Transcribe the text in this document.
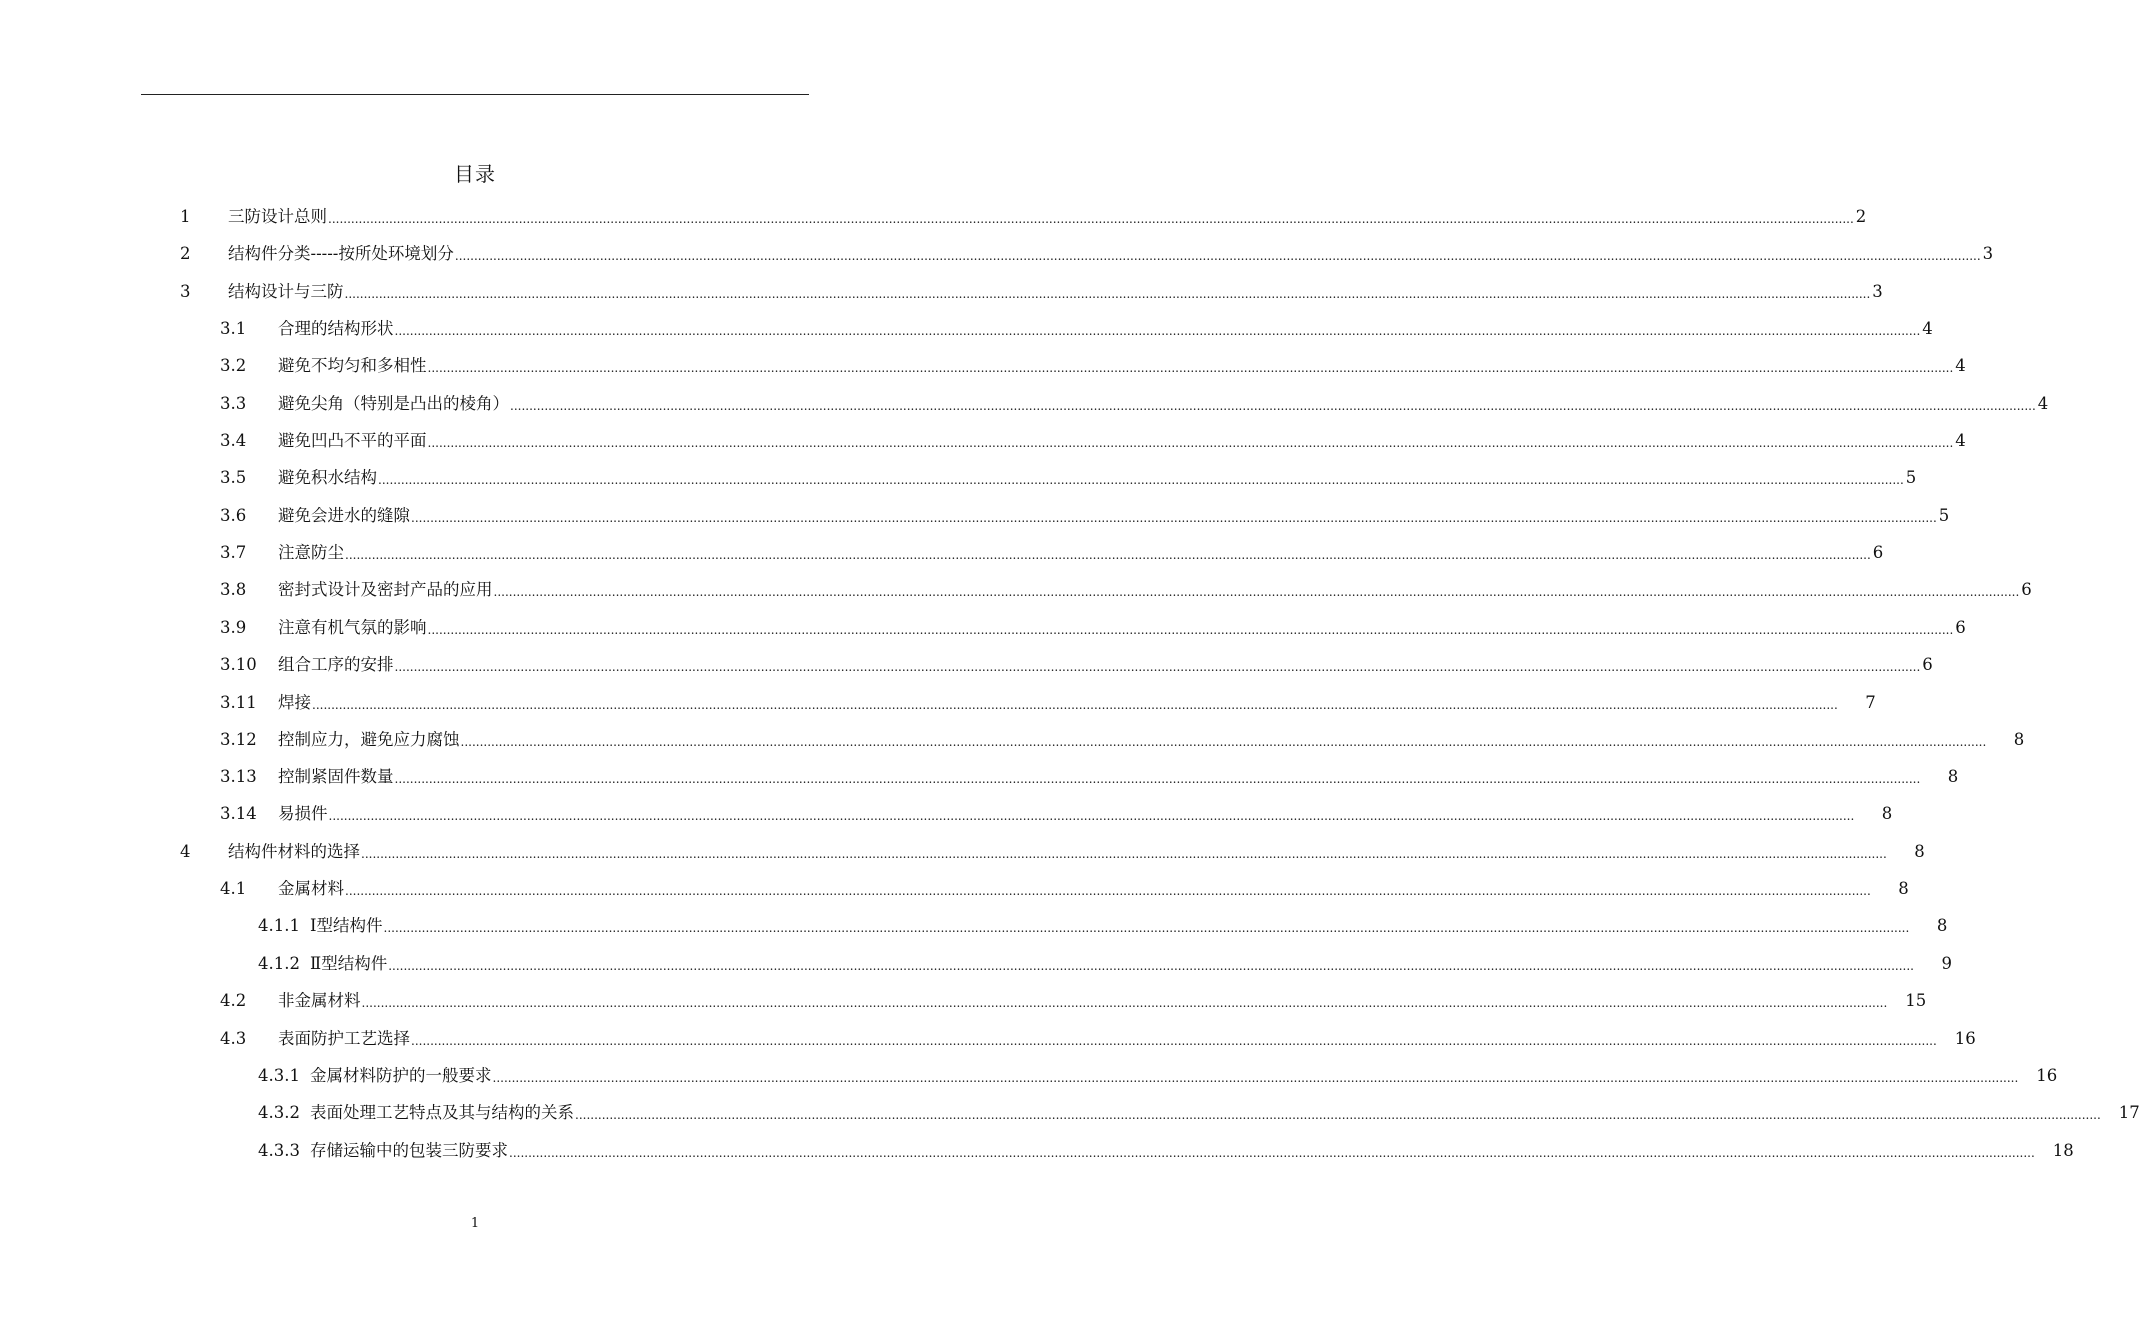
目录
1	三防设计总则 ................................................................................................................................................................................................................................................................................................................................................................................................................ 2
2	结构件分类-----按所处环境划分 ................................................................................................................................................................................................................................................................................................................................................................................................................ 3
3	结构设计与三防 ................................................................................................................................................................................................................................................................................................................................................................................................................ 3
3.1	合理的结构形状 ................................................................................................................................................................................................................................................................................................................................................................................................................ 4
3.2	避免不均匀和多相性 ................................................................................................................................................................................................................................................................................................................................................................................................................ 4
3.3	避免尖角（特别是凸出的棱角） ................................................................................................................................................................................................................................................................................................................................................................................................................ 4
3.4	避免凹凸不平的平面 ................................................................................................................................................................................................................................................................................................................................................................................................................ 4
3.5	避免积水结构 ................................................................................................................................................................................................................................................................................................................................................................................................................ 5
3.6	避免会进水的缝隙 ................................................................................................................................................................................................................................................................................................................................................................................................................ 5
3.7	注意防尘 ................................................................................................................................................................................................................................................................................................................................................................................................................ 6
3.8	密封式设计及密封产品的应用 ................................................................................................................................................................................................................................................................................................................................................................................................................ 6
3.9	注意有机气氛的影响 ................................................................................................................................................................................................................................................................................................................................................................................................................ 6
3.10	组合工序的安排 ................................................................................................................................................................................................................................................................................................................................................................................................................ 6
3.11	焊接 ................................................................................................................................................................................................................................................................................................................................................................................................................	7
3.12	控制应力，避免应力腐蚀 ................................................................................................................................................................................................................................................................................................................................................................................................................	8
3.13	控制紧固件数量 ................................................................................................................................................................................................................................................................................................................................................................................................................	8
3.14	易损件 ................................................................................................................................................................................................................................................................................................................................................................................................................	8
4	结构件材料的选择 ................................................................................................................................................................................................................................................................................................................................................................................................................	8
4.1	金属材料 ................................................................................................................................................................................................................................................................................................................................................................................................................	8
4.1.1 Ⅰ型结构件 ................................................................................................................................................................................................................................................................................................................................................................................................................	8
4.1.2 Ⅱ型结构件 ................................................................................................................................................................................................................................................................................................................................................................................................................	9
4.2	非金属材料 ................................................................................................................................................................................................................................................................................................................................................................................................................ 15
4.3	表面防护工艺选择 ................................................................................................................................................................................................................................................................................................................................................................................................................ 16
4.3.1 金属材料防护的一般要求 ................................................................................................................................................................................................................................................................................................................................................................................................................ 16
4.3.2 表面处理工艺特点及其与结构的关系 ................................................................................................................................................................................................................................................................................................................................................................................................................ 17
4.3.3 存储运输中的包装三防要求 ................................................................................................................................................................................................................................................................................................................................................................................................................ 18
1
